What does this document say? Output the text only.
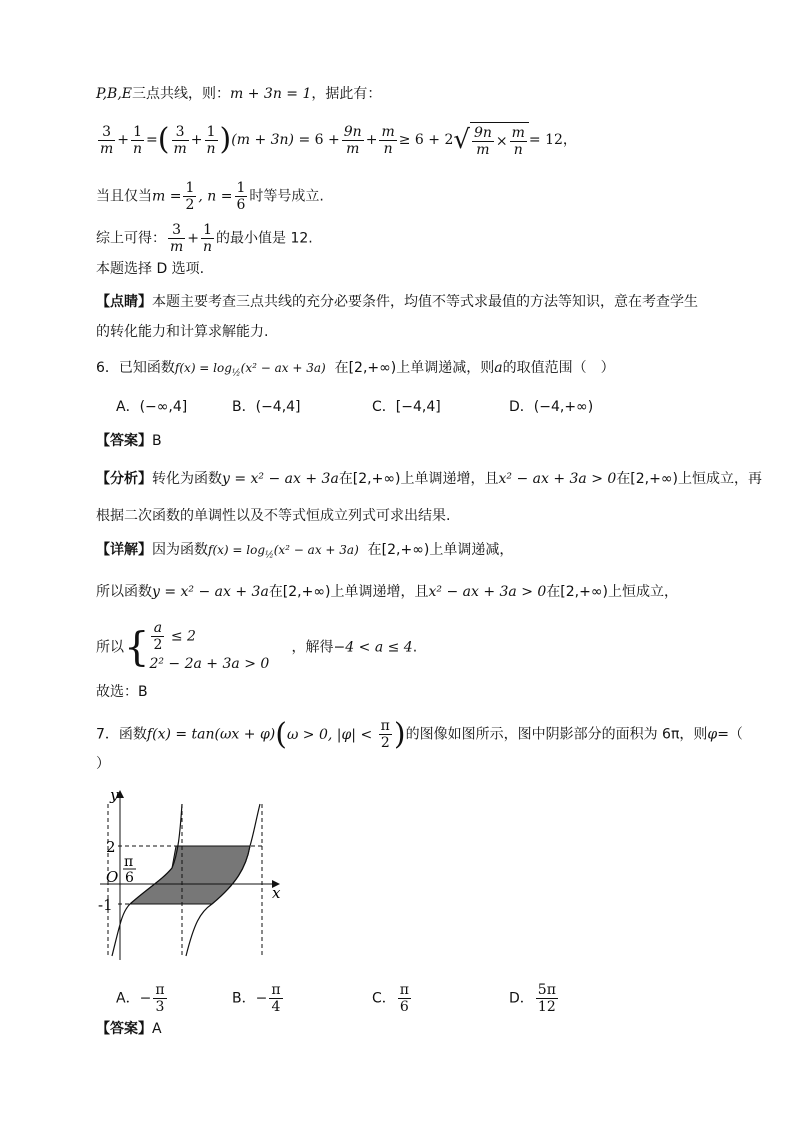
P,B,E三点共线，则：m + 3n = 1，据此有：
$\frac{3}{m} + \frac{1}{n}$ =( $\frac{3}{m} + \frac{1}{n} )(m + 3n) = 6 + \frac{9n}{m} + \frac{m}{n} \ge 6 + 2√ \frac{9n}{m} \times \frac{m}{n} = 12$，
当且仅当$m = \frac{1}{2}$ , $n = \frac{1}{6}$ 时等号成立.
综上可得： $\frac{3}{m} + \frac{1}{n}$ 的最小值是 12.
本题选择 D 选项.
【点睛】本题主要考查三点共线的充分必要条件，均值不等式求最值的方法等知识，意在考查学生
的转化能力和计算求解能力.
6．已知函数$f(x) = \log_{\frac{1}{2}}(x^2$ − ax + 3a) 在[2,+∞)上单调递减，则a的取值范围（　）
A．(−∞,4]	B．(−4,4]	C．[−4,4]	D．(−4,+∞)
【答案】B
【分析】转化为函数y = x² − ax + 3a在[2,+∞)上单调递增，且x² − ax + 3a > 0在[2,+∞)上恒成立，再
根据二次函数的单调性以及不等式恒成立列式可求出结果.
【详解】因为函数$f(x) = \log_{\frac{1}{2}}(x^2$ − ax + 3a) 在[2,+∞)上单调递减，
所以函数y = x² − ax + 3a在[2,+∞)上单调递增，且x² − ax + 3a > 0在[2,+∞)上恒成立，
所以{ $\frac{a}{2} \le 2$
2² − 2a + 3a > 0
，解得−4 < a ≤ 4.
故选：B
7．函数f(x) = tan(ωx + φ)(ω > 0, $|\varphi| < \frac{\pi}{2}$ )的图像如图所示，图中阴影部分的面积为 6π，则φ=（
）
y
x
O
2
-1
π
6
A．− $\frac{\pi}{3}$	B．− $\frac{\pi}{4}$	C． $\frac{\pi}{6}$	D． $\frac{5\pi}{12}$
【答案】A
